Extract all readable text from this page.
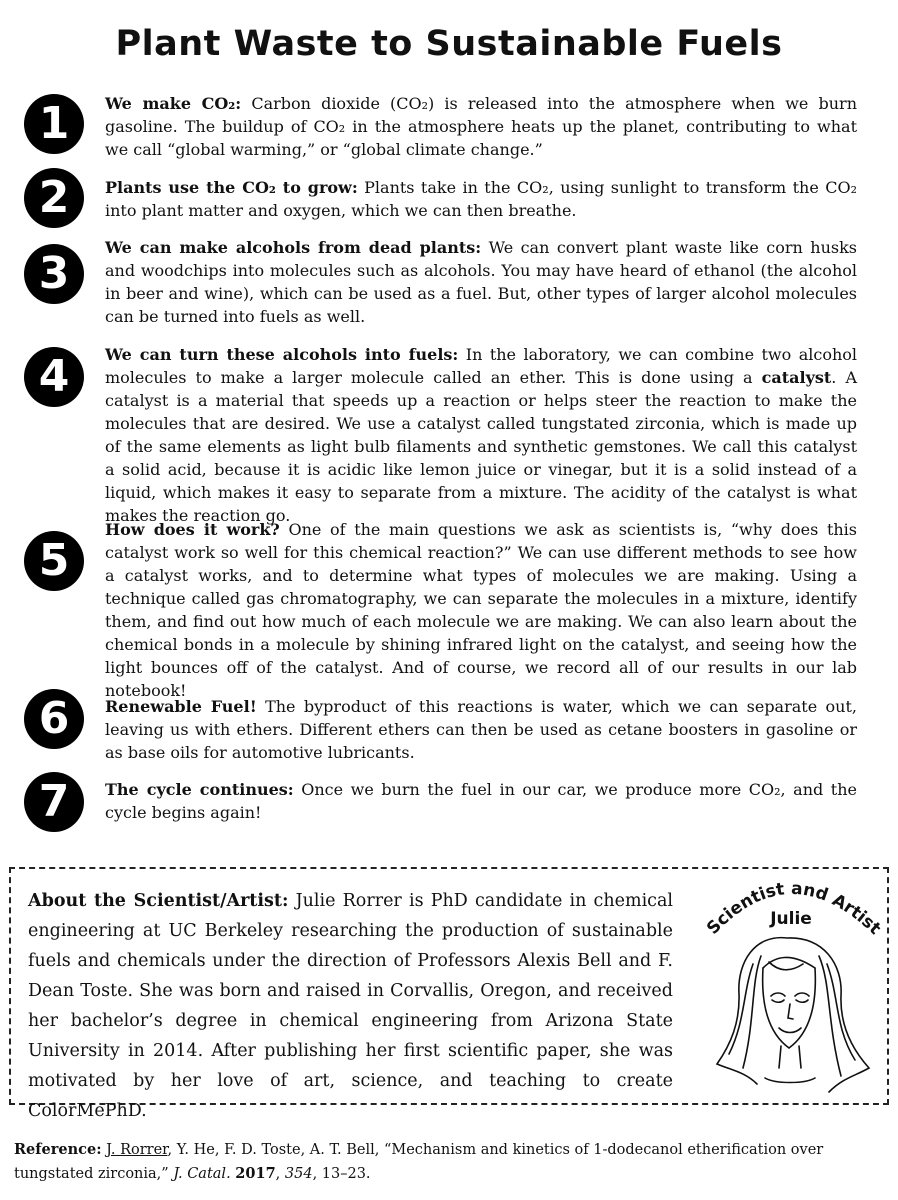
Plant Waste to Sustainable Fuels
1	We make CO₂: Carbon dioxide (CO₂) is released into the atmosphere when we burn gasoline. The buildup of CO₂ in the atmosphere heats up the planet, contributing to what we call “global warming,” or “global climate change.”

2	Plants use the CO₂ to grow: Plants take in the CO₂, using sunlight to transform the CO₂ into plant matter and oxygen, which we can then breathe.

3

We can make alcohols from dead plants: We can convert plant waste like corn husks and woodchips into molecules such as alcohols. You may have heard of ethanol (the alcohol in beer and wine), which can be used as a fuel. But, other types of larger alcohol molecules can be turned into fuels as well.

4	We can turn these alcohols into fuels: In the laboratory, we can combine two alcohol molecules to make a larger molecule called an ether. This is done using a catalyst. A catalyst is a material that speeds up a reaction or helps steer the reaction to make the molecules that are desired. We use a catalyst called tungstated zirconia, which is made up of the same elements as light bulb filaments and synthetic gemstones. We call this catalyst a solid acid, because it is acidic like lemon juice or vinegar, but it is a solid instead of a liquid, which makes it easy to separate from a mixture. The acidity of the catalyst is what makes the reaction go.

5

How does it work? One of the main questions we ask as scientists is, “why does this catalyst work so well for this chemical reaction?” We can use different methods to see how a catalyst works, and to determine what types of molecules we are making. Using a technique called gas chromatography, we can separate the molecules in a mixture, identify them, and find out how much of each molecule we are making. We can also learn about the chemical bonds in a molecule by shining infrared light on the catalyst, and seeing how the light bounces off of the catalyst. And of course, we record all of our results in our lab notebook!

6	Renewable Fuel! The byproduct of this reactions is water, which we can separate out, leaving us with ethers. Different ethers can then be used as cetane boosters in gasoline or as base oils for automotive lubricants.

7	The cycle continues: Once we burn the fuel in our car, we produce more CO₂, and the cycle begins again!

About the Scientist/Artist: Julie Rorrer is PhD candidate in chemical engineering at UC Berkeley researching the production of sustainable fuels and chemicals under the direction of Professors Alexis Bell and F. Dean Toste. She was born and raised in Corvallis, Oregon, and received her bachelor’s degree in chemical engineering from Arizona State University in 2014. After publishing her first scientific paper, she was motivated by her love of art, science, and teaching to create ColorMePhD.

Scientist and Artist
Julie

Reference: J. Rorrer, Y. He, F. D. Toste, A. T. Bell, “Mechanism and kinetics of 1-dodecanol etherification over tungstated zirconia,” J. Catal. 2017, 354, 13–23.
